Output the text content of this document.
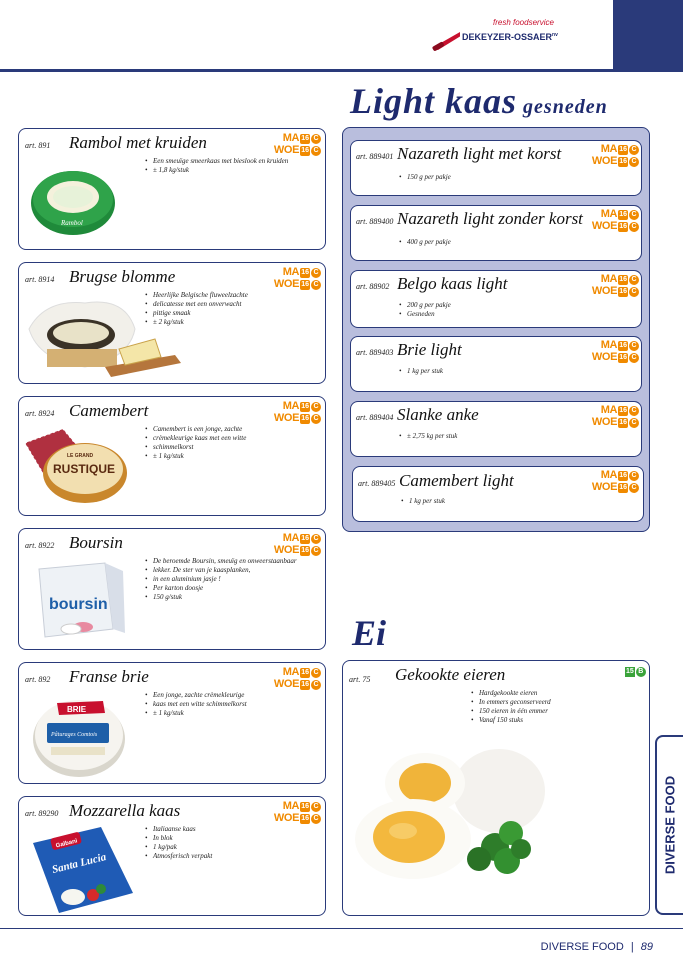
fresh foodservice
DEKEYZER-$OSSAER^{nv}$
Light kaas gesneden
Ei
art. 891 Rambol met kruiden	MA 16 C
WOE 16 C
• Een smeuïge smeerkaas met bieslook en kruiden
• ± 1,8 kg/stuk
Rambol
art. 8914 Brugse blomme	MA 16 C
WOE 16 C
• Heerlijke Belgische fluweelzachte
• delicatesse met een onverwacht
• pittige smaak
• ± 2 kg/stuk
art. 8924 Camembert	MA 16 C
WOE 16 C
• Camembert is een jonge, zachte
• crèmekleurige kaas met een witte
• schimmelkorst
• ± 1 kg/stuk
LE GRAND
RUSTIQUE
art. 8922 Boursin	MA 16 C
WOE 16 C
• De beroemde Boursin, smeuïg en onweerstaanbaar
• lekker. De ster van je kaasplanken,
• in een aluminium jasje !
• Per karton doosje
• 150 g/stuk
boursin
art. 892 Franse brie	MA 16 C
WOE 16 C
• Een jonge, zachte crèmekleurige
• kaas met een witte schimmelkorst
• ± 1 kg/stuk
BRIE
Pâturages Comtois
art. 89290 Mozzarella kaas	MA 16 C
WOE 16 C
• Italiaanse kaas
• In blok
• 1 kg/pak
• Atmosferisch verpakt
Galbani
Santa Lucia
art. 889401 Nazareth light met korst	MA 16 C
WOE 16 C
• 150 g per pakje
art. 889400 Nazareth light zonder korst MA 16 C
WOE 16 C
• 400 g per pakje
art. 88902 Belgo kaas light	MA 16 C
WOE 16 C
• 200 g per pakje
• Gesneden
art. 889403 Brie light	MA 16 C
WOE 16 C
• 1 kg per stuk
art. 889404 Slanke anke	MA 16 C
WOE 16 C
• ± 2,75 kg per stuk
art. 889405 Camembert light	MA 16 C
WOE 16 C
• 1 kg per stuk
art. 75 Gekookte eieren	15 B
• Hardgekookte eieren
• In emmers geconserveerd
• 150 eieren in één emmer
• Vanaf 150 stuks
DIVERSE FOOD
DIVERSE FOOD | 89
